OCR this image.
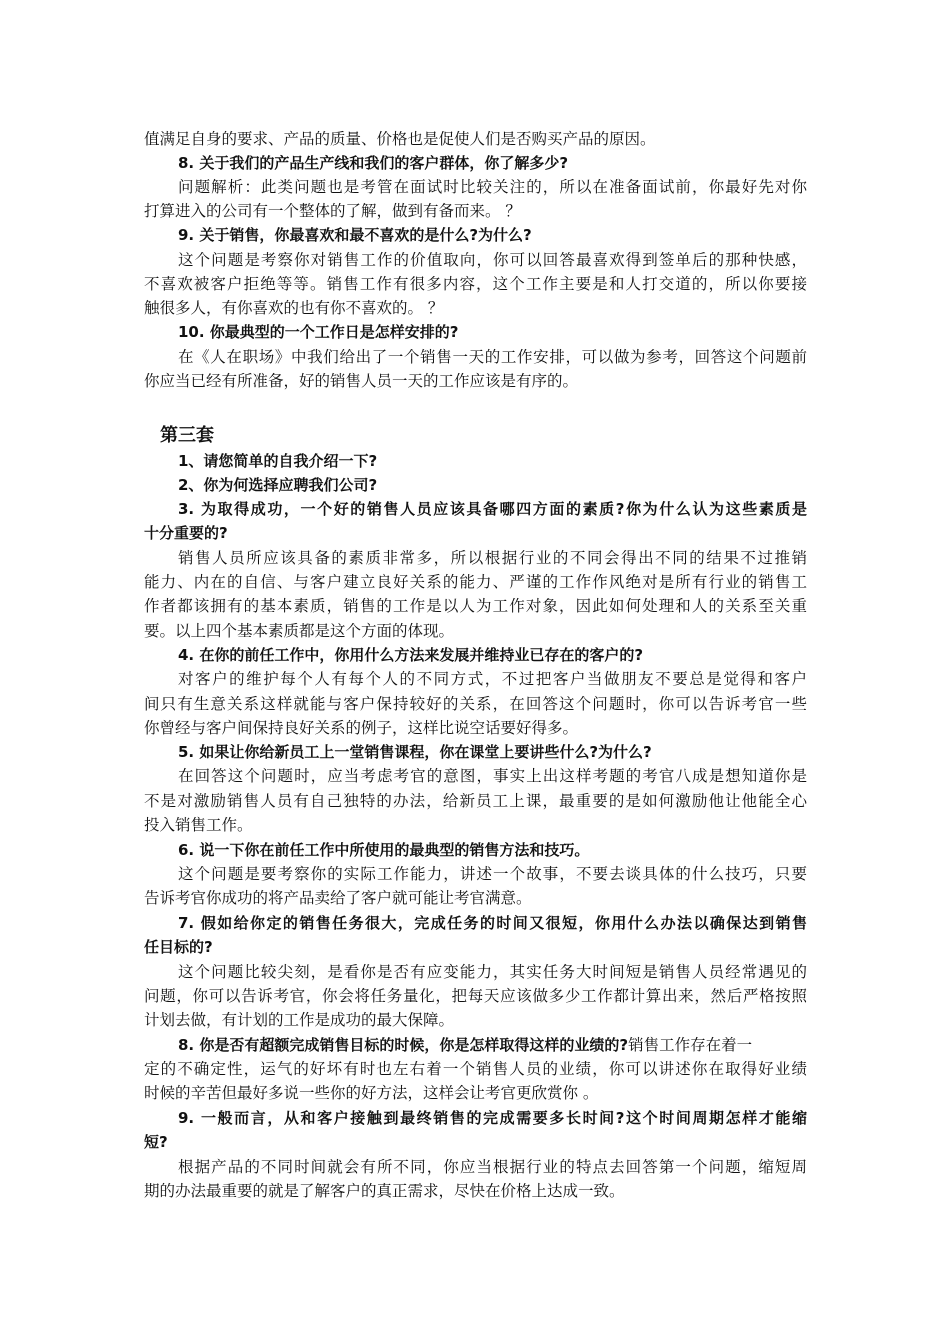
值满足自身的要求、产品的质量、价格也是促使人们是否购买产品的原因。
8. 关于我们的产品生产线和我们的客户群体，你了解多少?
问题解析：此类问题也是考管在面试时比较关注的，所以在准备面试前，你最好先对你
打算进入的公司有一个整体的了解，做到有备而来。 ？
9. 关于销售，你最喜欢和最不喜欢的是什么?为什么?
这个问题是考察你对销售工作的价值取向，你可以回答最喜欢得到签单后的那种快感，
不喜欢被客户拒绝等等。销售工作有很多内容，这个工作主要是和人打交道的，所以你要接
触很多人，有你喜欢的也有你不喜欢的。 ？
10. 你最典型的一个工作日是怎样安排的?
在《人在职场》中我们给出了一个销售一天的工作安排，可以做为参考，回答这个问题前
你应当已经有所准备，好的销售人员一天的工作应该是有序的。
第三套
1、请您简单的自我介绍一下?
2、你为何选择应聘我们公司?
3. 为取得成功，一个好的销售人员应该具备哪四方面的素质?你为什么认为这些素质是
十分重要的?
销售人员所应该具备的素质非常多，所以根据行业的不同会得出不同的结果不过推销
能力、内在的自信、与客户建立良好关系的能力、严谨的工作作风绝对是所有行业的销售工
作者都该拥有的基本素质，销售的工作是以人为工作对象，因此如何处理和人的关系至关重
要。以上四个基本素质都是这个方面的体现。
4. 在你的前任工作中，你用什么方法来发展并维持业已存在的客户的?
对客户的维护每个人有每个人的不同方式，不过把客户当做朋友不要总是觉得和客户
间只有生意关系这样就能与客户保持较好的关系，在回答这个问题时，你可以告诉考官一些
你曾经与客户间保持良好关系的例子，这样比说空话要好得多。
5. 如果让你给新员工上一堂销售课程，你在课堂上要讲些什么?为什么?
在回答这个问题时，应当考虑考官的意图，事实上出这样考题的考官八成是想知道你是
不是对激励销售人员有自己独特的办法，给新员工上课，最重要的是如何激励他让他能全心
投入销售工作。
6. 说一下你在前任工作中所使用的最典型的销售方法和技巧。
这个问题是要考察你的实际工作能力，讲述一个故事，不要去谈具体的什么技巧，只要
告诉考官你成功的将产品卖给了客户就可能让考官满意。
7. 假如给你定的销售任务很大，完成任务的时间又很短，你用什么办法以确保达到销售
任目标的?
这个问题比较尖刻，是看你是否有应变能力，其实任务大时间短是销售人员经常遇见的
问题，你可以告诉考官，你会将任务量化，把每天应该做多少工作都计算出来，然后严格按照
计划去做，有计划的工作是成功的最大保障。
8. 你是否有超额完成销售目标的时候，你是怎样取得这样的业绩的?销售工作存在着一
定的不确定性，运气的好坏有时也左右着一个销售人员的业绩，你可以讲述你在取得好业绩
时候的辛苦但最好多说一些你的好方法，这样会让考官更欣赏你 。
9. 一般而言，从和客户接触到最终销售的完成需要多长时间?这个时间周期怎样才能缩
短?
根据产品的不同时间就会有所不同，你应当根据行业的特点去回答第一个问题，缩短周
期的办法最重要的就是了解客户的真正需求，尽快在价格上达成一致。
